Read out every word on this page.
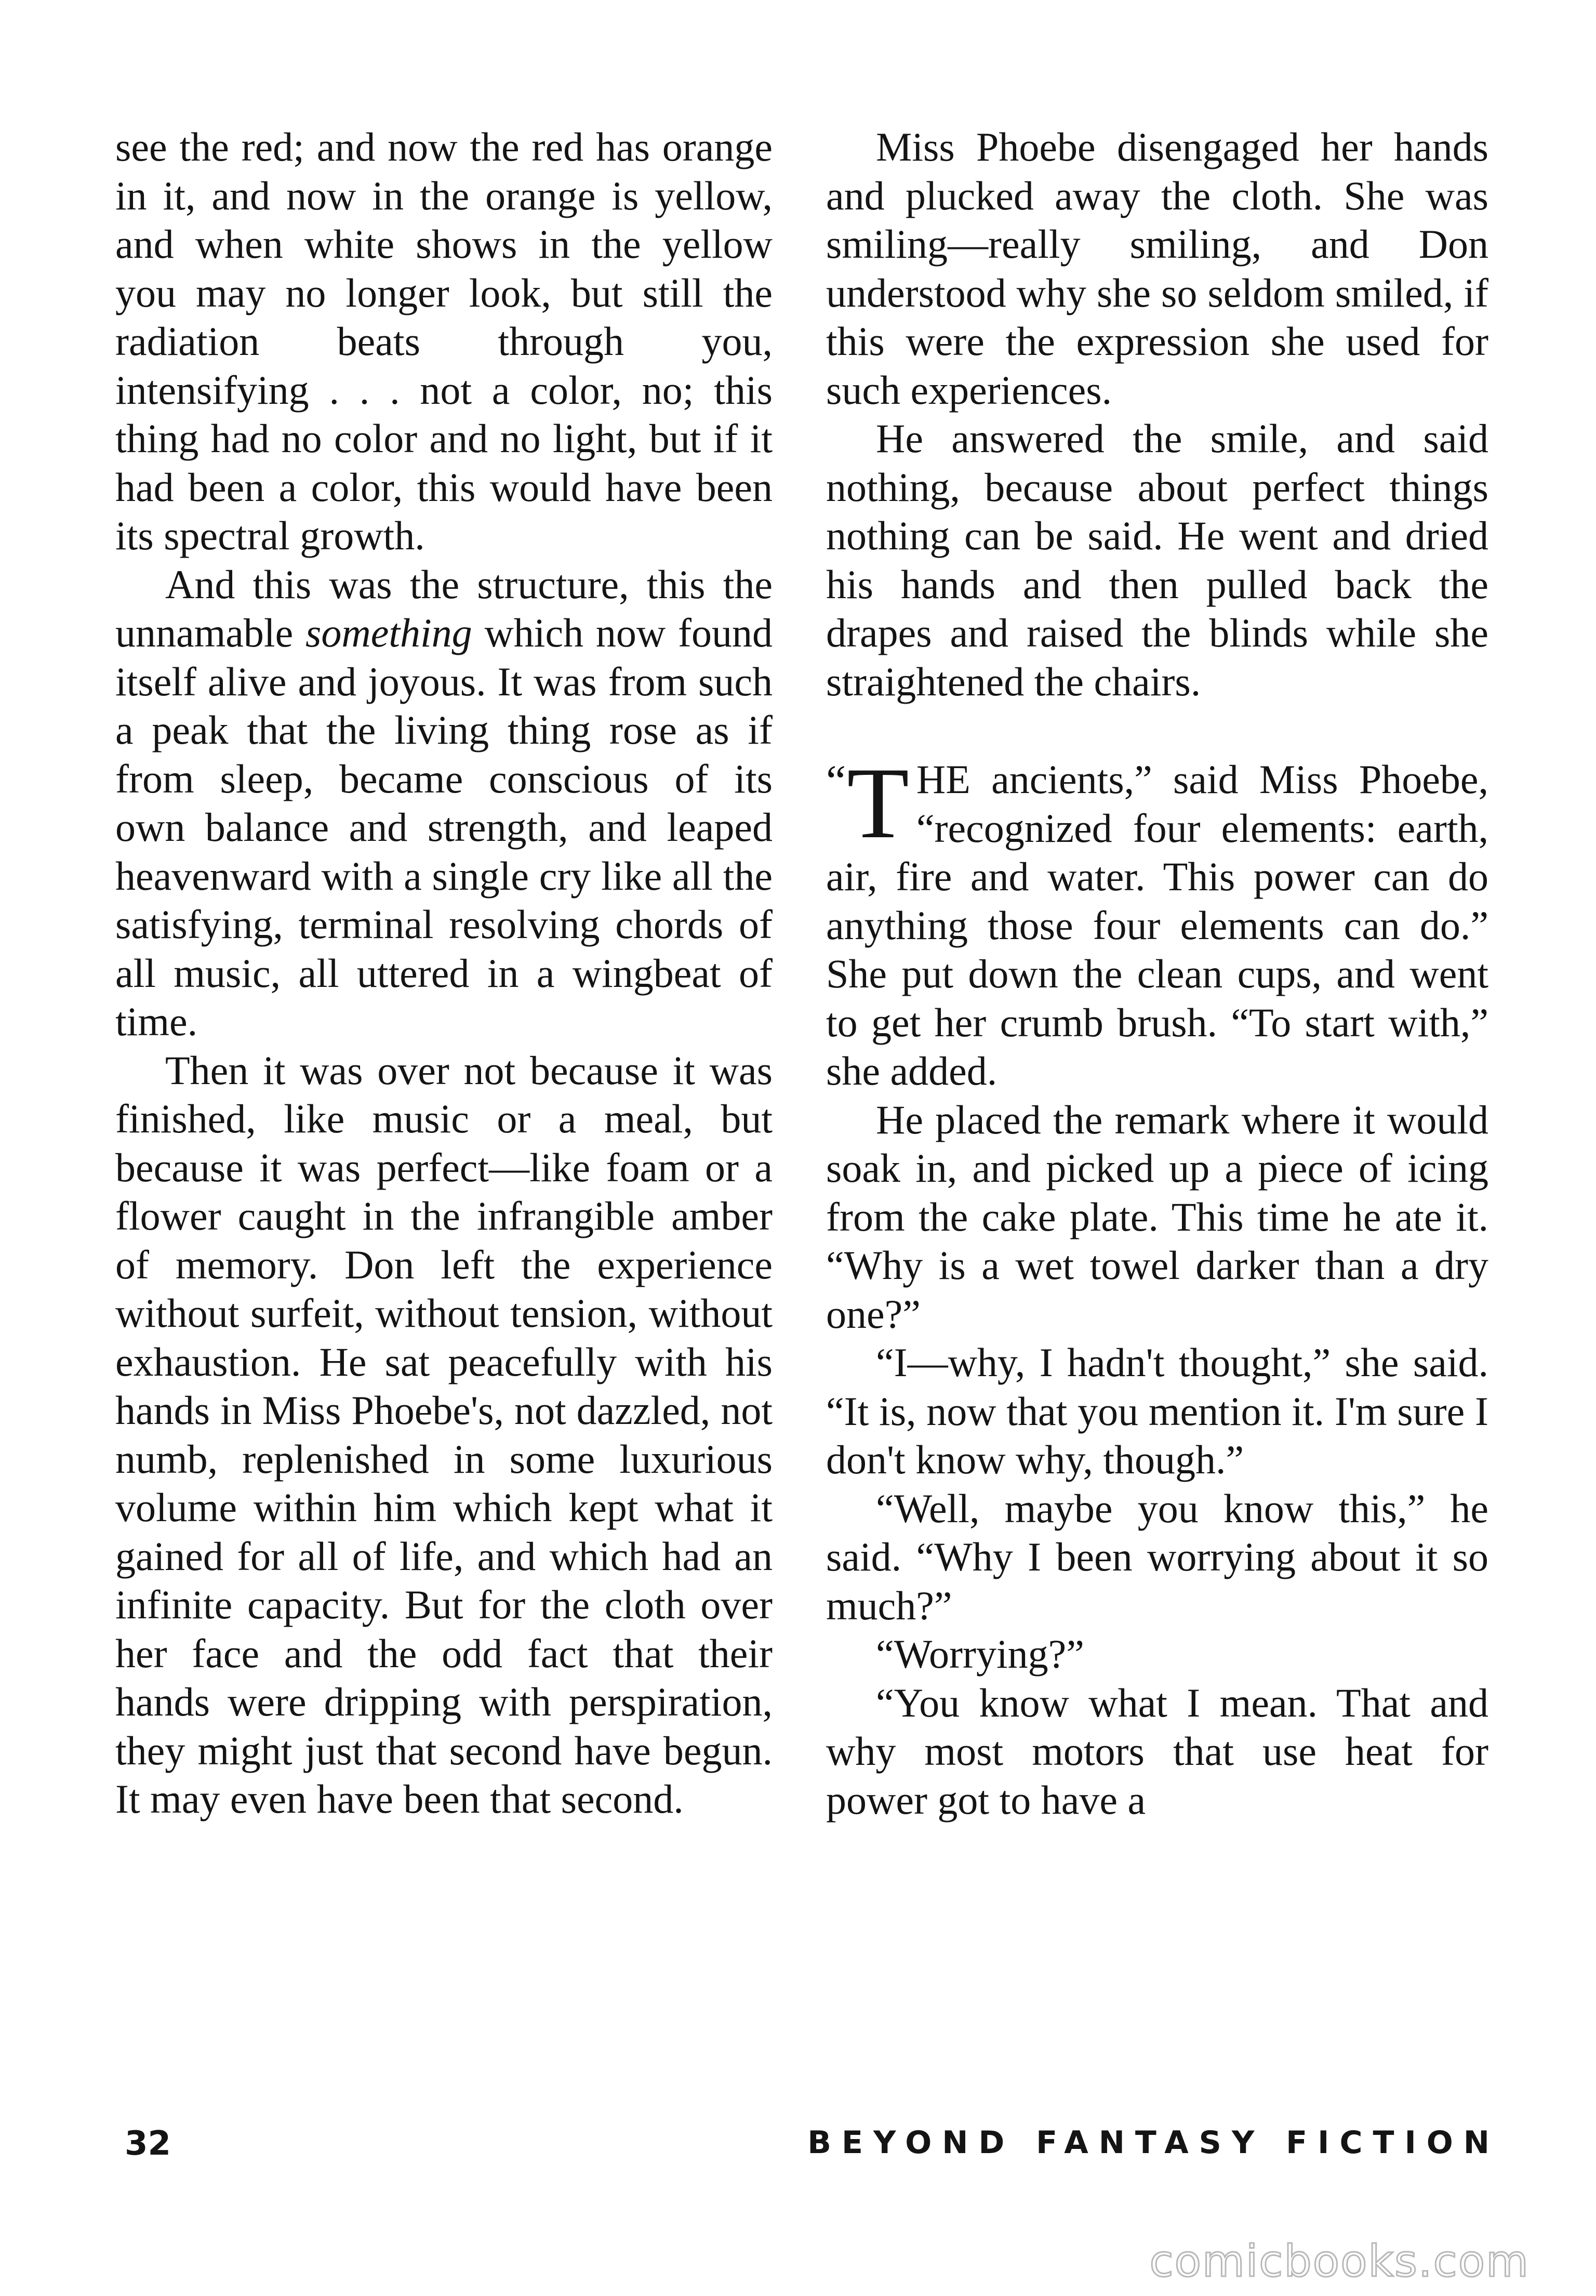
see the red; and now the red has orange in it, and now in the orange is yellow, and when white shows in the yellow you may no longer look, but still the radiation beats through you, intensifying . . . not a color, no; this thing had no color and no light, but if it had been a color, this would have been its spectral growth.

And this was the structure, this the unnamable something which now found itself alive and joyous. It was from such a peak that the living thing rose as if from sleep, became conscious of its own balance and strength, and leaped heavenward with a single cry like all the satisfying, terminal resolving chords of all music, all uttered in a wingbeat of time.

Then it was over not because it was finished, like music or a meal, but because it was perfect—like foam or a flower caught in the infrangible amber of memory. Don left the experience without surfeit, without tension, without exhaustion. He sat peacefully with his hands in Miss Phoebe's, not dazzled, not numb, replenished in some luxurious volume within him which kept what it gained for all of life, and which had an infinite capacity. But for the cloth over her face and the odd fact that their hands were dripping with perspiration, they might just that second have begun. It may even have been that second.

Miss Phoebe disengaged her hands and plucked away the cloth. She was smiling—really smiling, and Don understood why she so seldom smiled, if this were the expression she used for such experiences.

He answered the smile, and said nothing, because about perfect things nothing can be said. He went and dried his hands and then pulled back the drapes and raised the blinds while she straightened the chairs.

“ T HE ancients,” said Miss Phoebe, “recognized four elements: earth, air, fire and water. This power can do anything those four elements can do.” She put down the clean cups, and went to get her crumb brush. “To start with,” she added.

He placed the remark where it would soak in, and picked up a piece of icing from the cake plate. This time he ate it. “Why is a wet towel darker than a dry one?”

“I—why, I hadn't thought,” she said. “It is, now that you mention it. I'm sure I don't know why, though.”

“Well, maybe you know this,” he said. “Why I been worrying about it so much?”

“Worrying?”

“You know what I mean. That and why most motors that use heat for power got to have a

32	BEYOND FANTASY FICTION
comicbooks.com
